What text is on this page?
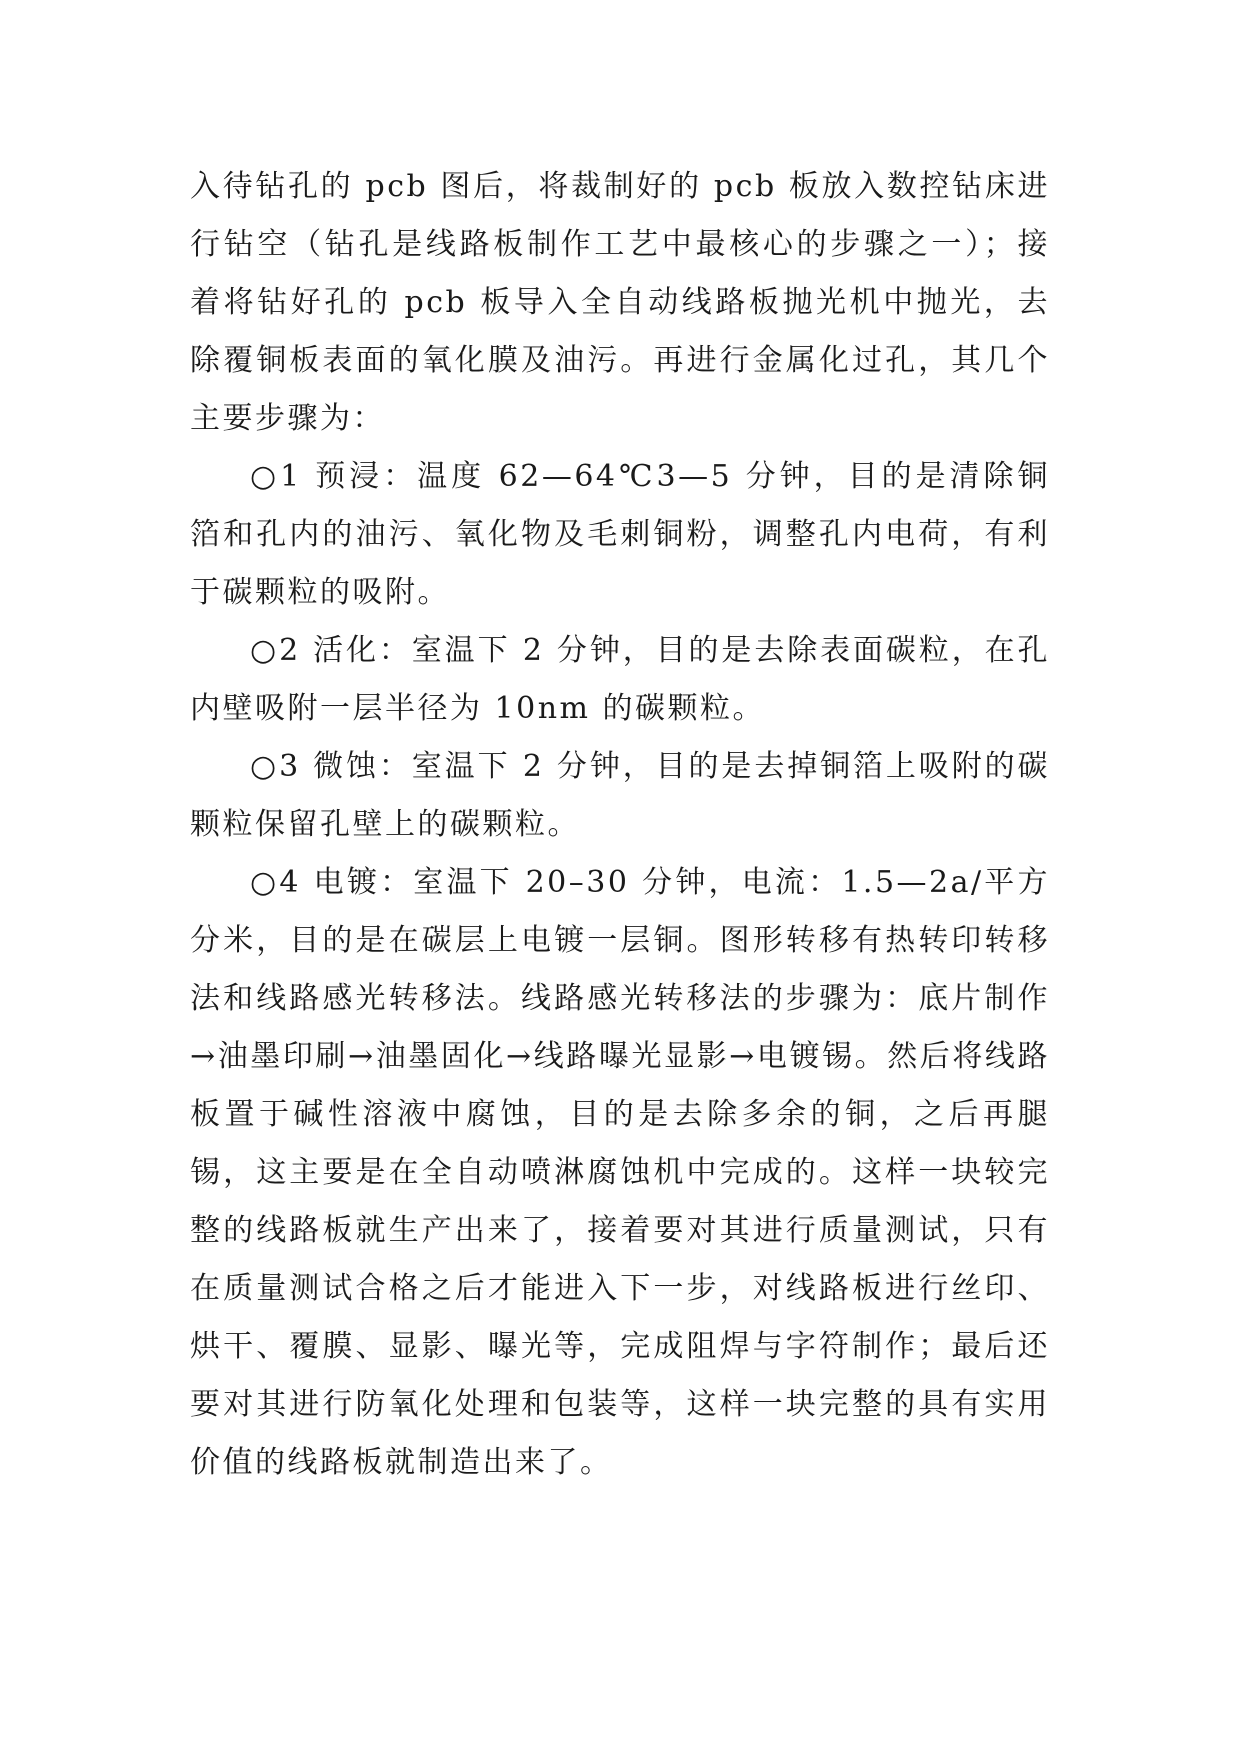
入待钻孔的 pcb 图后，将裁制好的 pcb 板放入数控钻床进行钻空（钻孔是线路板制作工艺中最核心的步骤之一）；接着将钻好孔的 pcb 板导入全自动线路板抛光机中抛光，去除覆铜板表面的氧化膜及油污。再进行金属化过孔，其几个主要步骤为：

○1 预浸：温度 62—64℃3—5 分钟，目的是清除铜箔和孔内的油污、氧化物及毛刺铜粉，调整孔内电荷，有利于碳颗粒的吸附。

○2 活化：室温下 2 分钟，目的是去除表面碳粒，在孔内壁吸附一层半径为 10nm 的碳颗粒。

○3 微蚀：室温下 2 分钟，目的是去掉铜箔上吸附的碳颗粒保留孔壁上的碳颗粒。

○4 电镀：室温下 20–30 分钟，电流：1.5—2a/平方分米，目的是在碳层上电镀一层铜。图形转移有热转印转移法和线路感光转移法。线路感光转移法的步骤为：底片制作→油墨印刷→油墨固化→线路曝光显影→电镀锡。然后将线路板置于碱性溶液中腐蚀，目的是去除多余的铜，之后再腿锡，这主要是在全自动喷淋腐蚀机中完成的。这样一块较完整的线路板就生产出来了，接着要对其进行质量测试，只有在质量测试合格之后才能进入下一步，对线路板进行丝印、烘干、覆膜、显影、曝光等，完成阻焊与字符制作；最后还要对其进行防氧化处理和包装等，这样一块完整的具有实用价值的线路板就制造出来了。
